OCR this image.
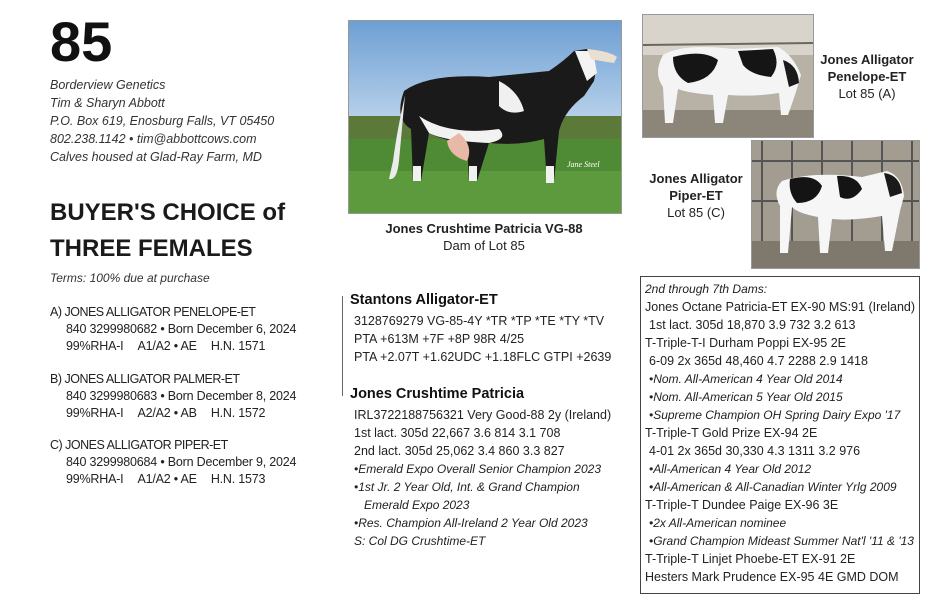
85
Borderview Genetics
Tim & Sharyn Abbott
P.O. Box 619, Enosburg Falls, VT 05450
802.238.1142 • tim@abbottcows.com
Calves housed at Glad-Ray Farm, MD
BUYER'S CHOICE of
THREE FEMALES
Terms: 100% due at purchase
A) JONES ALLIGATOR PENELOPE-ET
840 3299980682 • Born December 6, 2024
99%RHA-I A1/A2 • AE H.N. 1571
B) JONES ALLIGATOR PALMER-ET
840 3299980683 • Born December 8, 2024
99%RHA-I A2/A2 • AB H.N. 1572
C) JONES ALLIGATOR PIPER-ET
840 3299980684 • Born December 9, 2024
99%RHA-I A1/A2 • AE H.N. 1573
Jane Steel
Jones Crushtime Patricia VG-88
Dam of Lot 85
Jones Alligator
Penelope-ET
Lot 85 (A)
Jones Alligator
Piper-ET
Lot 85 (C)
Stantons Alligator-ET
3128769279 VG-85-4Y *TR *TP *TE *TY *TV
PTA +613M +7F +8P 98R 4/25
PTA +2.07T +1.62UDC +1.18FLC GTPI +2639
Jones Crushtime Patricia
IRL372218875632​1 Very Good-88 2y (Ireland)
1st lact. 305d 22,667 3.6 814 3.1 708
2nd lact. 305d 25,062 3.4 860 3.3 827
•Emerald Expo Overall Senior Champion 2023
•1st Jr. 2 Year Old, Int. & Grand Champion
Emerald Expo 2023
•Res. Champion All-Ireland 2 Year Old 2023
S: Col DG Crushtime-ET
2nd through 7th Dams:
Jones Octane Patricia-ET EX-90 MS:91 (Ireland)
1st lact. 305d 18,870 3.9 732 3.2 613
T-Triple-T-I Durham Poppi EX-95 2E
6-09 2x 365d 48,460 4.7 2288 2.9 1418
•Nom. All-American 4 Year Old 2014
•Nom. All-American 5 Year Old 2015
•Supreme Champion OH Spring Dairy Expo '17
T-Triple-T Gold Prize EX-94 2E
4-01 2x 365d 30,330 4.3 1311 3.2 976
•All-American 4 Year Old 2012
•All-American & All-Canadian Winter Yrlg 2009
T-Triple-T Dundee Paige EX-96 3E
•2x All-American nominee
•Grand Champion Mideast Summer Nat'l '11 & '13
T-Triple-T Linjet Phoebe-ET EX-91 2E
Hesters Mark Prudence EX-95 4E GMD DOM
